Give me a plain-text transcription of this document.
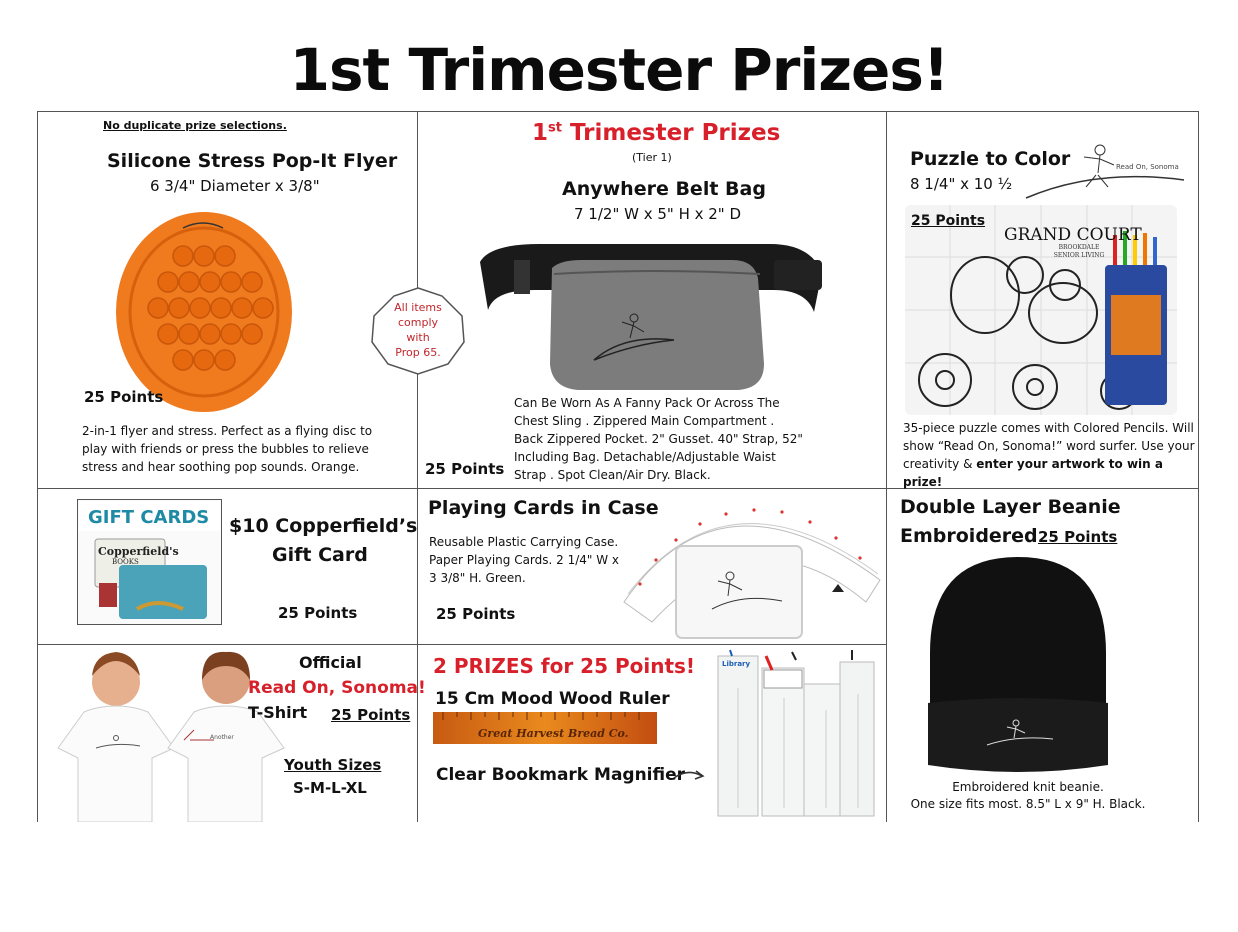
1st Trimester Prizes!
No duplicate prize selections.
Silicone Stress Pop-It Flyer
6 3/4" Diameter x 3/8"
25 Points
2-in-1 flyer and stress. Perfect as a flying disc to play with friends or press the bubbles to relieve stress and hear soothing pop sounds. Orange.
1st Trimester Prizes
(Tier 1)
Anywhere Belt Bag
7 1/2" W x 5" H x 2" D
All items
comply
with
Prop 65.
25 Points
Can Be Worn As A Fanny Pack Or Across The Chest Sling . Zippered Main Compartment . Back Zippered Pocket. 2" Gusset. 40" Strap, 52" Including Bag. Detachable/Adjustable Waist Strap . Spot Clean/Air Dry. Black.
Puzzle to Color
8 1/4" x 10 ½
Read On, Sonoma
25 Points
GRAND COURT
BROOKDALE
SENIOR LIVING
35-piece puzzle comes with Colored Pencils. Will show “Read On, Sonoma!” word surfer. Use your creativity & enter your artwork to win a prize!
GIFT CARDS
Copperfield's
BOOKS
$10 Copperfield’s
Gift Card
25 Points
Playing Cards in Case
Reusable Plastic Carrying Case. Paper Playing Cards. 2 1/4" W x 3 3/8" H. Green.
25 Points
Double Layer Beanie
Embroidered 25 Points
Embroidered knit beanie.
One size fits most. 8.5" L x 9" H. Black.
Another
Official
Read On, Sonoma!
T-Shirt 25 Points
Youth Sizes
S-M-L-XL
2 PRIZES for 25 Points!
15 Cm Mood Wood Ruler
Great Harvest Bread Co.
Clear Bookmark Magnifier
Library
